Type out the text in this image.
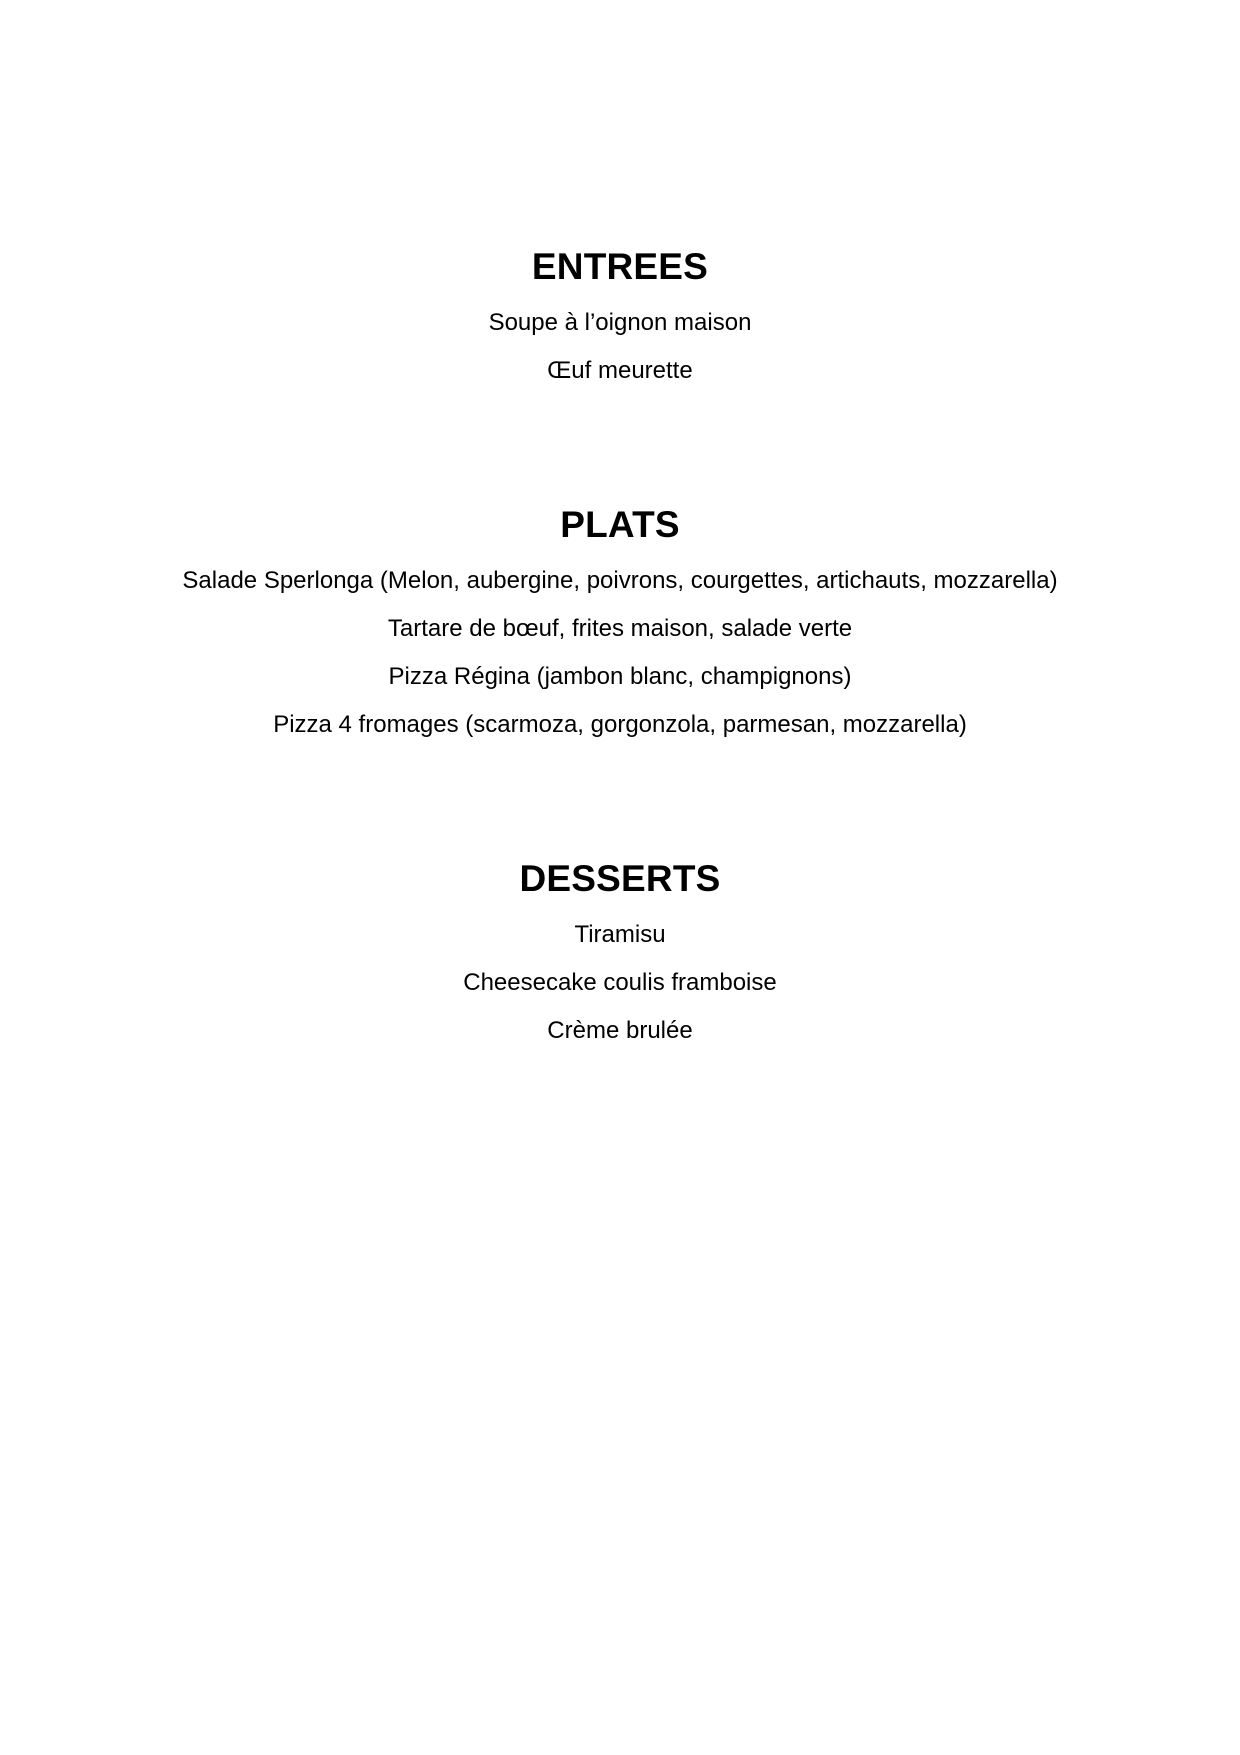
ENTREES

Soupe à l’oignon maison

Œuf meurette

PLATS

Salade Sperlonga (Melon, aubergine, poivrons, courgettes, artichauts, mozzarella)

Tartare de bœuf, frites maison, salade verte

Pizza Régina (jambon blanc, champignons)

Pizza 4 fromages (scarmoza, gorgonzola, parmesan, mozzarella)

DESSERTS

Tiramisu

Cheesecake coulis framboise

Crème brulée
